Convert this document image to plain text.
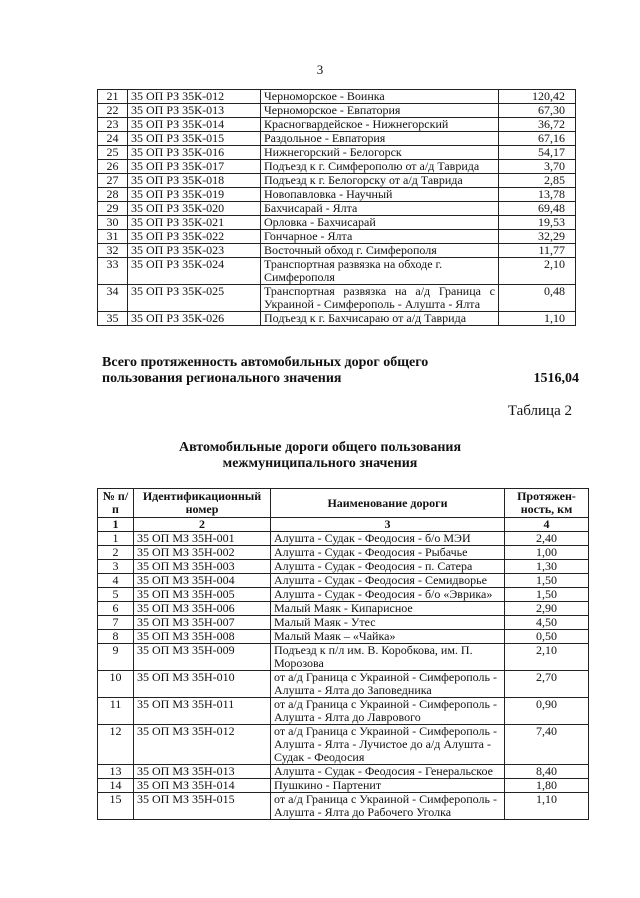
3
21	35 ОП РЗ 35К-012	Черноморское - Воинка	120,42
22	35 ОП РЗ 35К-013	Черноморское - Евпатория	67,30
23	35 ОП РЗ 35К-014	Красногвардейское - Нижнегорский	36,72
24	35 ОП РЗ 35К-015	Раздольное - Евпатория	67,16
25	35 ОП РЗ 35К-016	Нижнегорский - Белогорск	54,17
26	35 ОП РЗ 35К-017	Подъезд к г. Симферополю от а/д Таврида	3,70
27	35 ОП РЗ 35К-018	Подъезд к г. Белогорску от а/д Таврида	2,85
28	35 ОП РЗ 35К-019	Новопавловка - Научный	13,78
29	35 ОП РЗ 35К-020	Бахчисарай - Ялта	69,48
30	35 ОП РЗ 35К-021	Орловка - Бахчисарай	19,53
31	35 ОП РЗ 35К-022	Гончарное - Ялта	32,29
32	35 ОП РЗ 35К-023	Восточный обход г. Симферополя	11,77
33	35 ОП РЗ 35К-024	Транспортная развязка на обходе г. Симферополя	2,10
34	35 ОП РЗ 35К-025	Транспортная развязка на а/д Граница с Украиной - Симферополь - Алушта - Ялта	0,48
35	35 ОП РЗ 35К-026	Подъезд к г. Бахчисараю от а/д Таврида	1,10
Всего протяженность автомобильных дорог общего пользования регионального значения	1516,04
Таблица 2
Автомобильные дороги общего пользования межмуниципального значения
№ п/п	Идентификационный номер	Наименование дороги	Протяжен-ность, км
1	2	3	4
1	35 ОП МЗ 35Н-001	Алушта - Судак - Феодосия - б/о МЭИ	2,40
2	35 ОП МЗ 35Н-002	Алушта - Судак - Феодосия - Рыбачье	1,00
3	35 ОП МЗ 35Н-003	Алушта - Судак - Феодосия - п. Сатера	1,30
4	35 ОП МЗ 35Н-004	Алушта - Судак - Феодосия - Семидворье	1,50
5	35 ОП МЗ 35Н-005	Алушта - Судак - Феодосия - б/о «Эврика»	1,50
6	35 ОП МЗ 35Н-006	Малый Маяк - Кипарисное	2,90
7	35 ОП МЗ 35Н-007	Малый Маяк - Утес	4,50
8	35 ОП МЗ 35Н-008	Малый Маяк – «Чайка»	0,50
9	35 ОП МЗ 35Н-009	Подъезд к п/л им. В. Коробкова, им. П. Морозова	2,10
10	35 ОП МЗ 35Н-010	от а/д Граница с Украиной - Симферополь - Алушта - Ялта до Заповедника	2,70
11	35 ОП МЗ 35Н-011	от а/д Граница с Украиной - Симферополь - Алушта - Ялта до Лаврового	0,90
12	35 ОП МЗ 35Н-012	от а/д Граница с Украиной - Симферополь - Алушта - Ялта - Лучистое до а/д Алушта - Судак - Феодосия	7,40
13	35 ОП МЗ 35Н-013	Алушта - Судак - Феодосия - Генеральское	8,40
14	35 ОП МЗ 35Н-014	Пушкино - Партенит	1,80
15	35 ОП МЗ 35Н-015	от а/д Граница с Украиной - Симферополь - Алушта - Ялта до Рабочего Уголка	1,10
